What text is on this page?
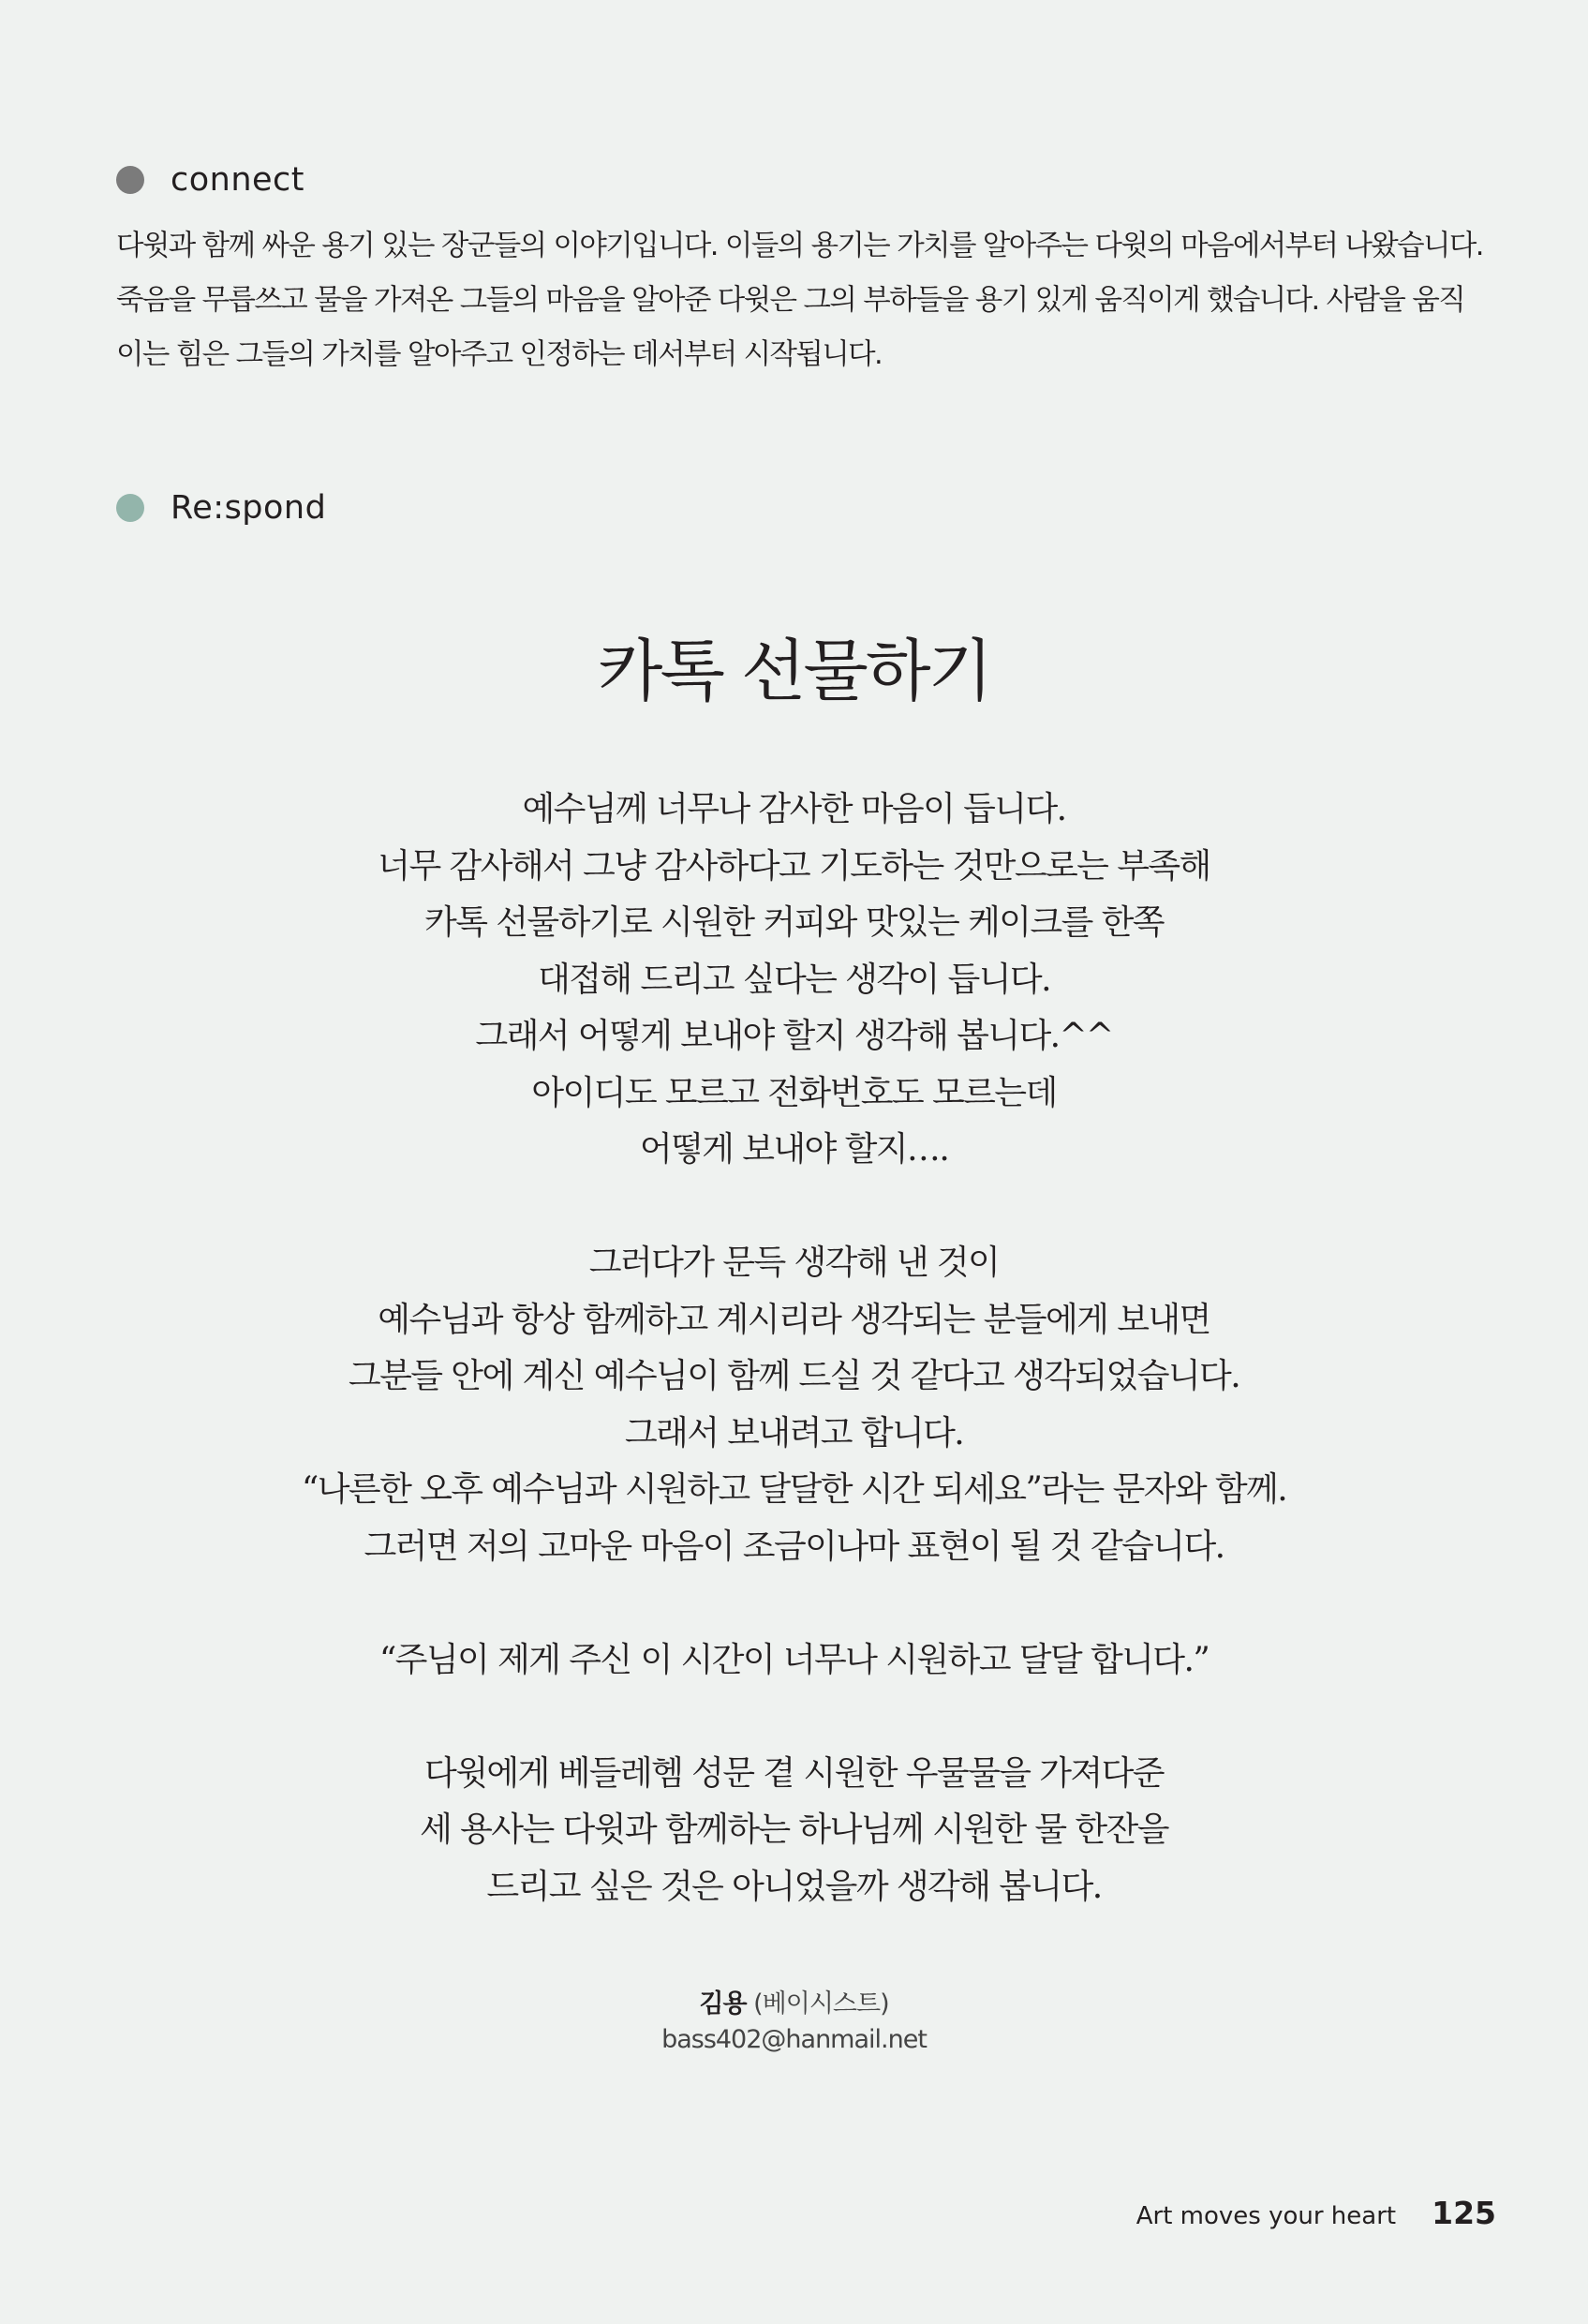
connect

다윗과 함께 싸운 용기 있는 장군들의 이야기입니다. 이들의 용기는 가치를 알아주는 다윗의 마음에서부터 나왔습니다. 죽음을 무릅쓰고 물을 가져온 그들의 마음을 알아준 다윗은 그의 부하들을 용기 있게 움직이게 했습니다. 사람을 움직이는 힘은 그들의 가치를 알아주고 인정하는 데서부터 시작됩니다.

Re:spond
카톡 선물하기
예수님께 너무나 감사한 마음이 듭니다.
너무 감사해서 그냥 감사하다고 기도하는 것만으로는 부족해
카톡 선물하기로 시원한 커피와 맛있는 케이크를 한쪽
대접해 드리고 싶다는 생각이 듭니다.
그래서 어떻게 보내야 할지 생각해 봅니다.^^
아이디도 모르고 전화번호도 모르는데
어떻게 보내야 할지….
그러다가 문득 생각해 낸 것이
예수님과 항상 함께하고 계시리라 생각되는 분들에게 보내면
그분들 안에 계신 예수님이 함께 드실 것 같다고 생각되었습니다.
그래서 보내려고 합니다.
“나른한 오후 예수님과 시원하고 달달한 시간 되세요”라는 문자와 함께.
그러면 저의 고마운 마음이 조금이나마 표현이 될 것 같습니다.
“주님이 제게 주신 이 시간이 너무나 시원하고 달달 합니다.”
다윗에게 베들레헴 성문 곁 시원한 우물물을 가져다준
세 용사는 다윗과 함께하는 하나님께 시원한 물 한잔을
드리고 싶은 것은 아니었을까 생각해 봅니다.
김용 (베이시스트)
bass402@hanmail.net
Art moves your heart 125
